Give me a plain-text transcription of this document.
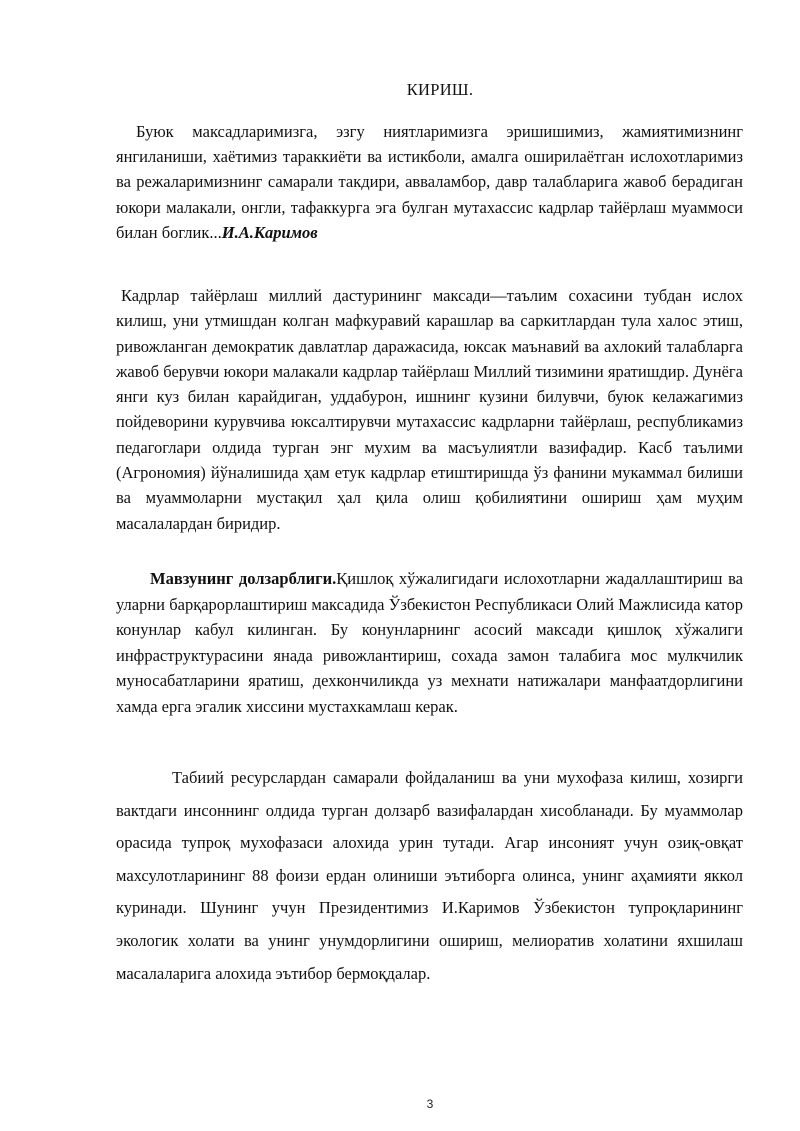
КИРИШ.
Буюк максадларимизга, эзгу ниятларимизга эришишимиз, жамиятимизнинг янгиланиши, хаётимиз тараккиёти ва истикболи, амалга оширилаётган ислохотларимиз ва режаларимизнинг самарали такдири, авваламбор, давр талабларига жавоб берадиган юкори малакали, онгли, тафаккурга эга булган мутахассис кадрлар тайёрлаш муаммоси билан боглик...И.А.Каримов
Кадрлар тайёрлаш миллий дастурининг максади—таълим сохасини тубдан ислох килиш, уни утмишдан колган мафкуравий карашлар ва саркитлардан тула халос этиш, ривожланган демократик давлатлар даражасида, юксак маънавий ва ахлокий талабларга жавоб берувчи юкори малакали кадрлар тайёрлаш Миллий тизимини яратишдир. Дунёга янги куз билан карайдиган, уддабурон, ишнинг кузини билувчи, буюк келажагимиз пойдеворини курувчива юксалтирувчи мутахассис кадрларни тайёрлаш, республикамиз педагоглари олдида турган энг мухим ва масъулиятли вазифадир. Касб таълими (Агрономия) йўналишида ҳам етук кадрлар етиштиришда ўз фанини мукаммал билиши ва муаммоларни мустақил ҳал қила олиш қобилиятини ошириш ҳам муҳим масалалардан биридир.
Мавзунинг долзарблиги.Қишлоқ хўжалигидаги ислохотларни жадаллаштириш ва уларни барқарорлаштириш максадида Ўзбекистон Республикаси Олий Мажлисида катор конунлар кабул килинган. Бу конунларнинг асосий максади қишлоқ хўжалиги инфраструктурасини янада ривожлантириш, сохада замон талабига мос мулкчилик муносабатларини яратиш, дехкончиликда уз мехнати натижалари манфаатдорлигини хамда ерга эгалик хиссини мустахкамлаш керак.
Табиий ресурслардан самарали фойдаланиш ва уни мухофаза килиш, хозирги вактдаги инсоннинг олдида турган долзарб вазифалардан хисобланади. Бу муаммолар орасида тупроқ мухофазаси алохида урин тутади. Агар инсоният учун озиқ-овқат махсулотларининг 88 фоизи ердан олиниши эътиборга олинса, унинг аҳамияти яккол куринади. Шунинг учун Президентимиз И.Каримов Ўзбекистон тупроқларининг экологик холати ва унинг унумдорлигини ошириш, мелиоратив холатини яхшилаш масалаларига алохида эътибор бермоқдалар.
3
